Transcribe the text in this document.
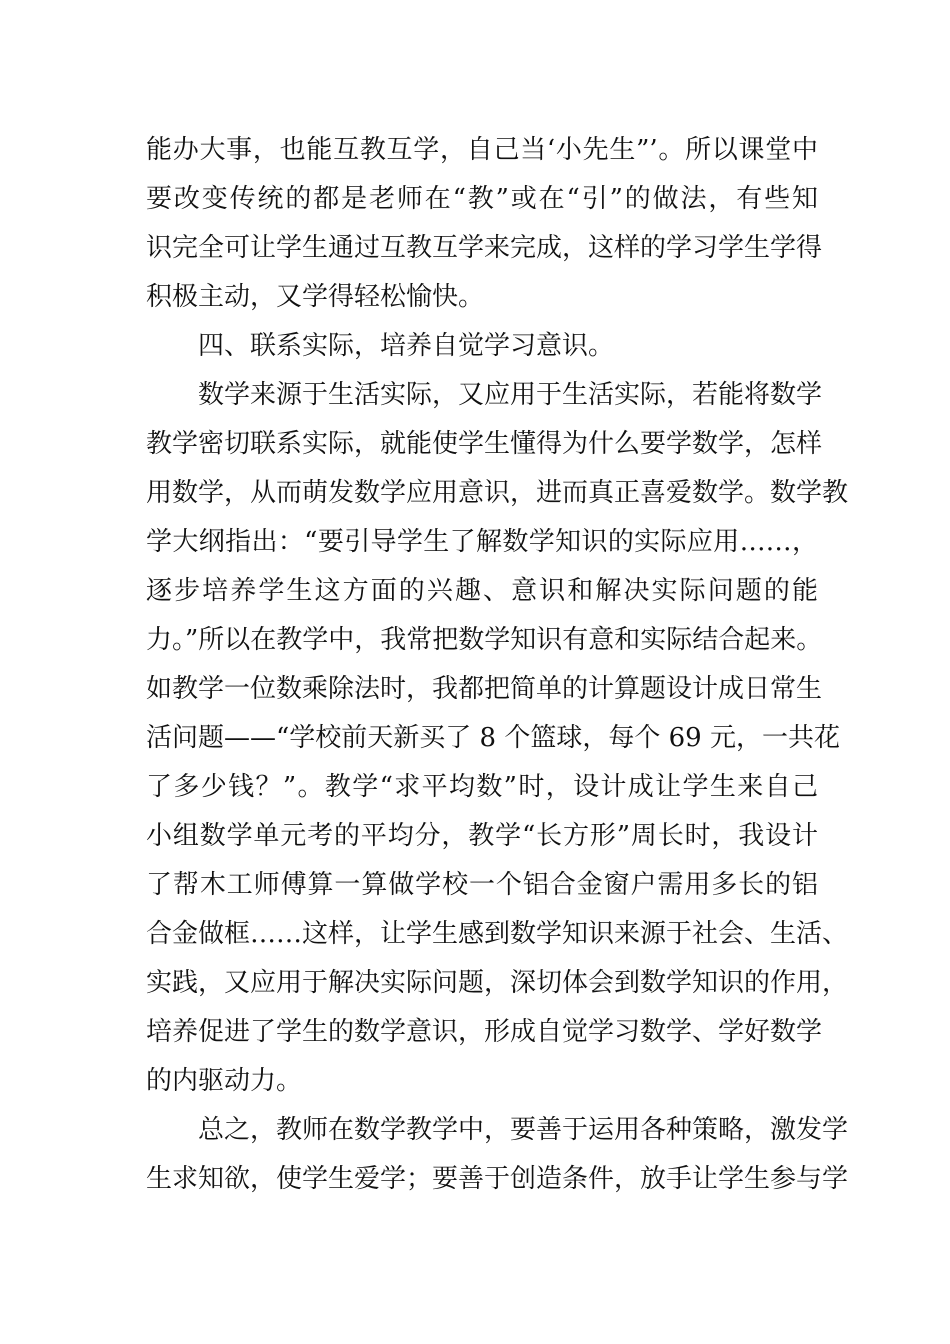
能办大事，也能互教互学，自己当‘小先生”’。所以课堂中
要改变传统的都是老师在“教”或在“引”的做法，有些知
识完全可让学生通过互教互学来完成，这样的学习学生学得
积极主动，又学得轻松愉快。
四、联系实际，培养自觉学习意识。
数学来源于生活实际，又应用于生活实际，若能将数学
教学密切联系实际，就能使学生懂得为什么要学数学，怎样
用数学，从而萌发数学应用意识，进而真正喜爱数学。数学教
学大纲指出：“要引导学生了解数学知识的实际应用……，
逐步培养学生这方面的兴趣、意识和解决实际问题的能
力。”所以在教学中，我常把数学知识有意和实际结合起来。
如教学一位数乘除法时，我都把简单的计算题设计成日常生
活问题——“学校前天新买了 8 个篮球，每个 69 元，一共花
了多少钱？”。教学“求平均数”时，设计成让学生来自己
小组数学单元考的平均分，教学“长方形”周长时，我设计
了帮木工师傅算一算做学校一个铝合金窗户需用多长的铝
合金做框……这样，让学生感到数学知识来源于社会、生活、
实践，又应用于解决实际问题，深切体会到数学知识的作用，
培养促进了学生的数学意识，形成自觉学习数学、学好数学
的内驱动力。
总之，教师在数学教学中，要善于运用各种策略，激发学
生求知欲，使学生爱学；要善于创造条件，放手让学生参与学
